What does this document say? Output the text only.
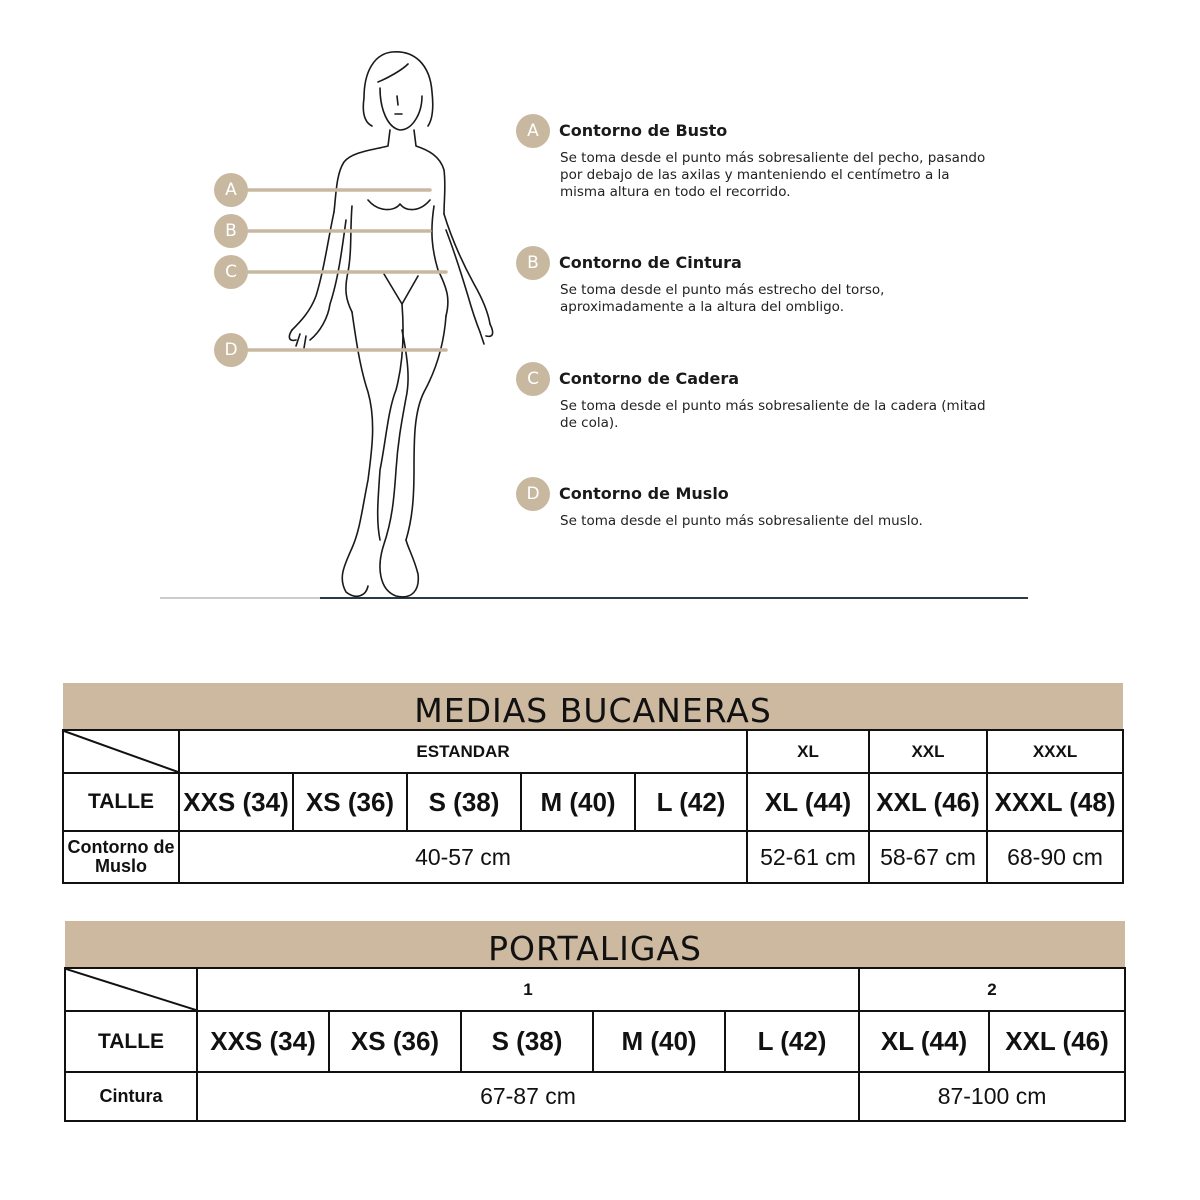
A
B
C
D
A	Contorno de Busto
Se toma desde el punto más sobresaliente del pecho, pasando por debajo de las axilas y manteniendo el centímetro a la misma altura en todo el recorrido.
B	Contorno de Cintura
Se toma desde el punto más estrecho del torso, aproximadamente a la altura del ombligo.
C	Contorno de Cadera
Se toma desde el punto más sobresaliente de la cadera (mitad de cola).
D	Contorno de Muslo
Se toma desde el punto más sobresaliente del muslo.
MEDIAS BUCANERAS								

	ESTANDAR					XL	XXL	XXXL
TALLE	XXS (34)	XS (36)	S (38)	M (40)	L (42)	XL (44)	XXL (46)	XXXL (48)
Contorno de Muslo	40-57 cm					52-61 cm	58-67 cm	68-90 cm
PORTALIGAS							

	1					2	
TALLE	XXS (34)	XS (36)	S (38)	M (40)	L (42)	XL (44)	XXL (46)
Cintura	67-87 cm					87-100 cm	
